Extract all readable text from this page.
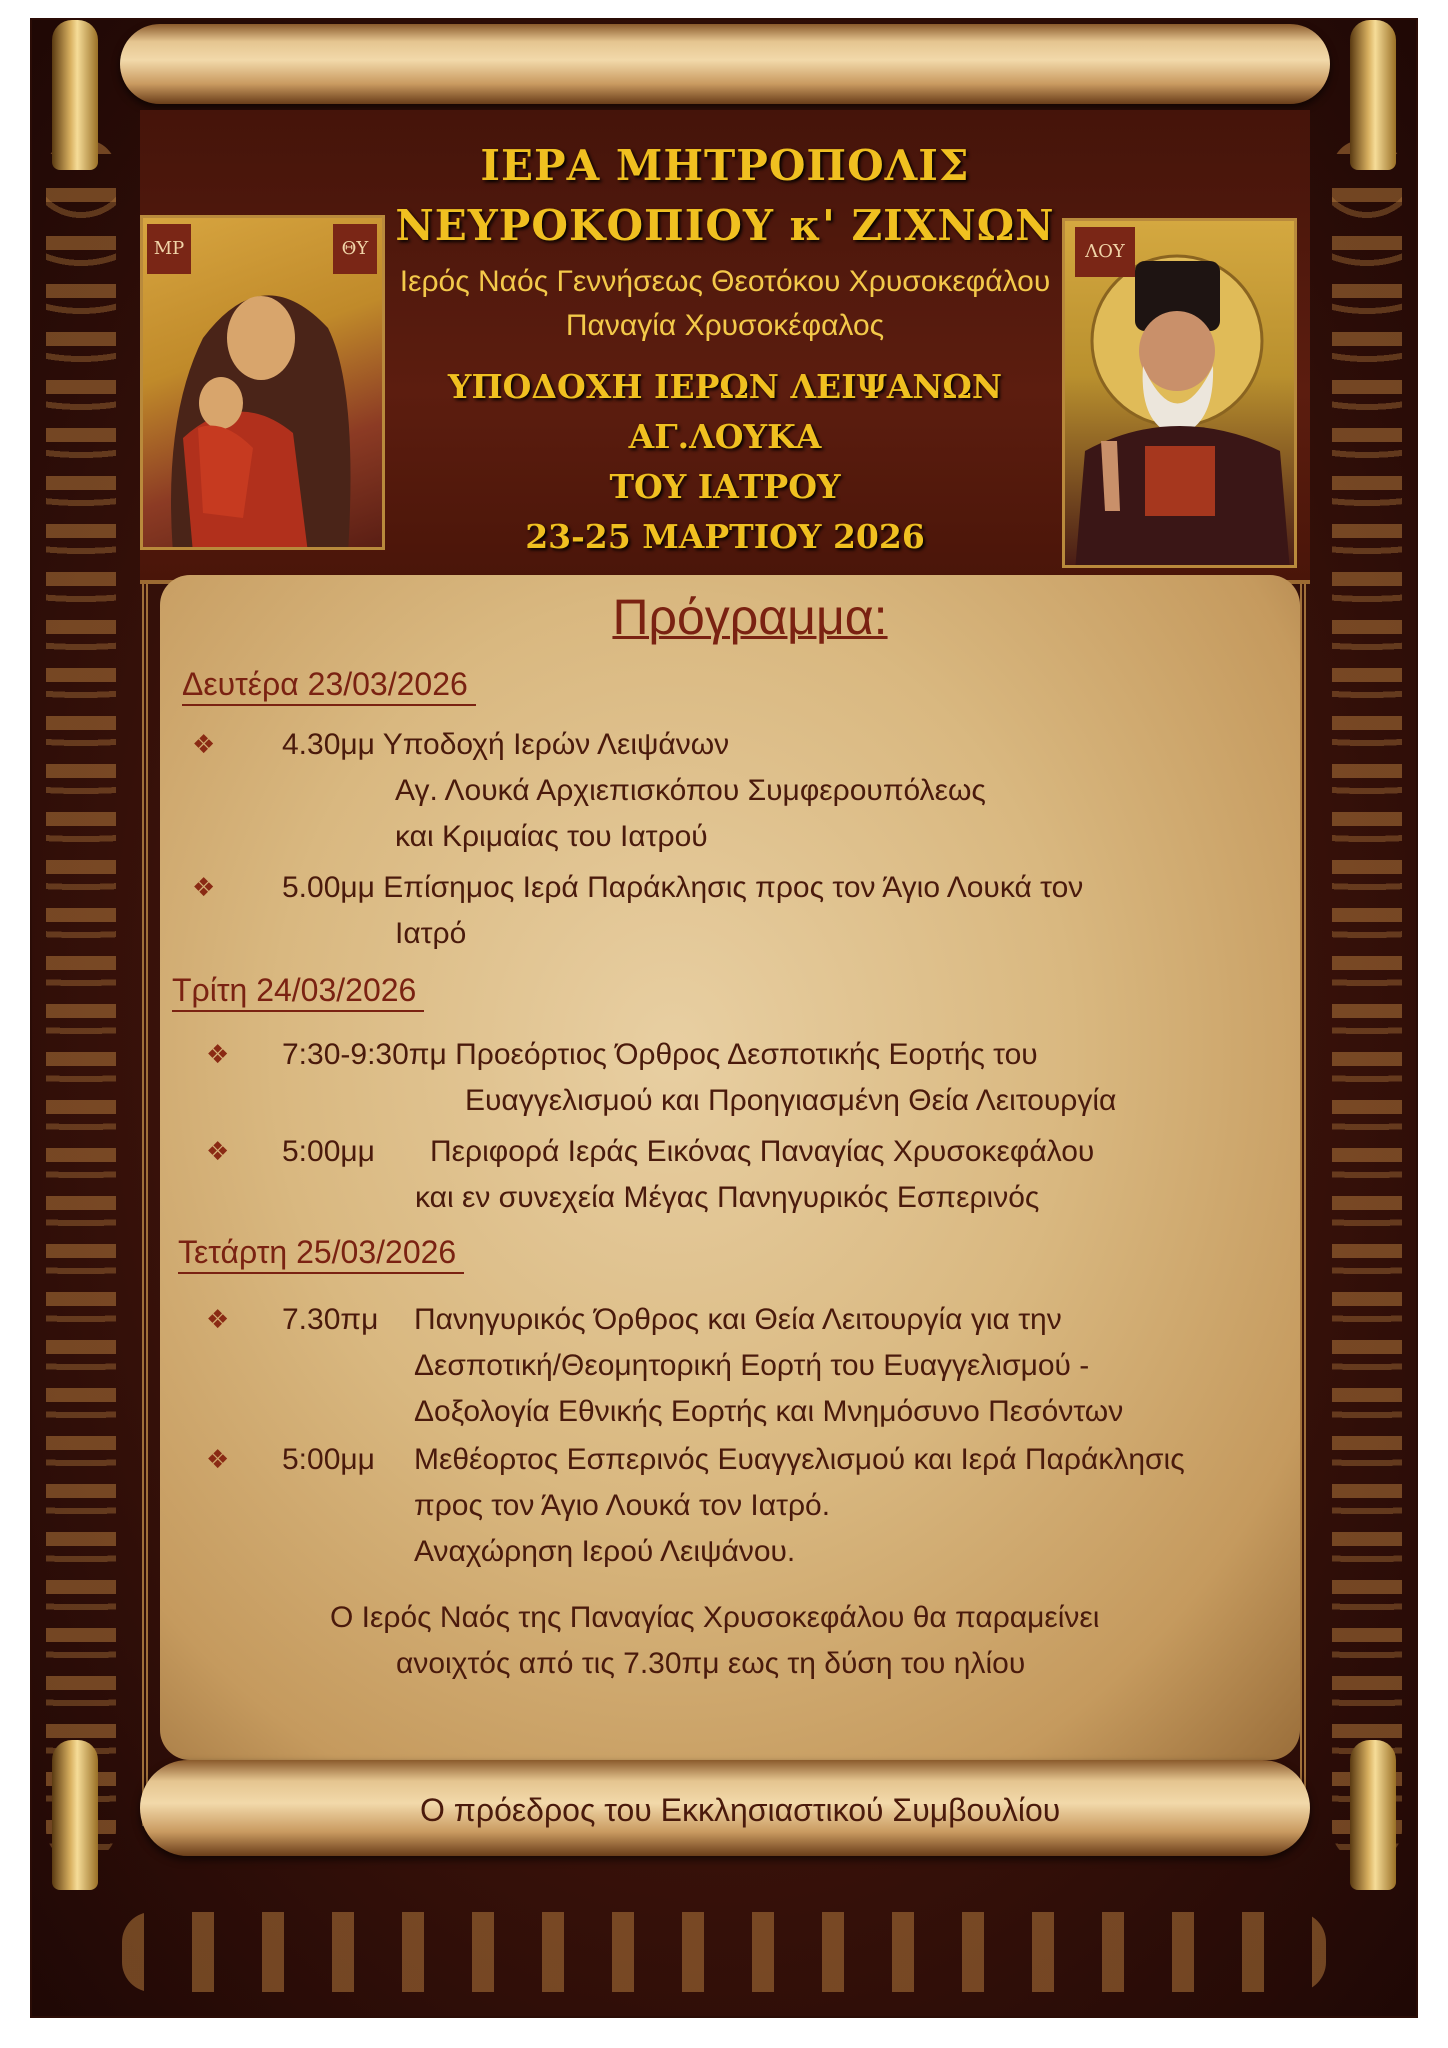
ΜΡ	ΘΥ

ΙΕΡΑ ΜΗΤΡΟΠΟΛΙΣ

ΝΕΥΡΟΚΟΠΙΟΥ κ' ΖΙΧΝΩΝ

Ιερός Ναός Γεννήσεως Θεοτόκου Χρυσοκεφάλου

Παναγία Χρυσοκέφαλος

ΥΠΟΔΟΧΗ ΙΕΡΩΝ ΛΕΙΨΑΝΩΝ ΑΓ.ΛΟΥΚΑ

ΤΟΥ ΙΑΤΡΟΥ

23-25 ΜΑΡΤΙΟΥ 2026

ΛΟΥ

Πρόγραμμα:

Δευτέρα 23/03/2026

❖ 4.30μμ Υποδοχή Ιερών Λειψάνων

Αγ. Λουκά Αρχιεπισκόπου Συμφερουπόλεως

και Κριμαίας του Ιατρού

❖ 5.00μμ Επίσημος Ιερά Παράκλησις προς τον Άγιο Λουκά τον

Ιατρό

Τρίτη 24/03/2026

❖ 7:30-9:30πμ Προεόρτιος Όρθρος Δεσποτικής Εορτής του

Ευαγγελισμού και Προηγιασμένη Θεία Λειτουργία

❖ 5:00μμ Περιφορά Ιεράς Εικόνας Παναγίας Χρυσοκεφάλου

και εν συνεχεία Μέγας Πανηγυρικός Εσπερινός

Τετάρτη 25/03/2026

❖ 7.30πμ Πανηγυρικός Όρθρος και Θεία Λειτουργία για την

Δεσποτική/Θεομητορική Εορτή του Ευαγγελισμού -

Δοξολογία Εθνικής Εορτής και Μνημόσυνο Πεσόντων

❖ 5:00μμ Μεθέορτος Εσπερινός Ευαγγελισμού και Ιερά Παράκλησις

προς τον Άγιο Λουκά τον Ιατρό.

Αναχώρηση Ιερού Λειψάνου.

Ο Ιερός Ναός της Παναγίας Χρυσοκεφάλου θα παραμείνει

ανοιχτός από τις 7.30πμ εως τη δύση του ηλίου

Ο πρόεδρος του Εκκλησιαστικού Συμβουλίου
